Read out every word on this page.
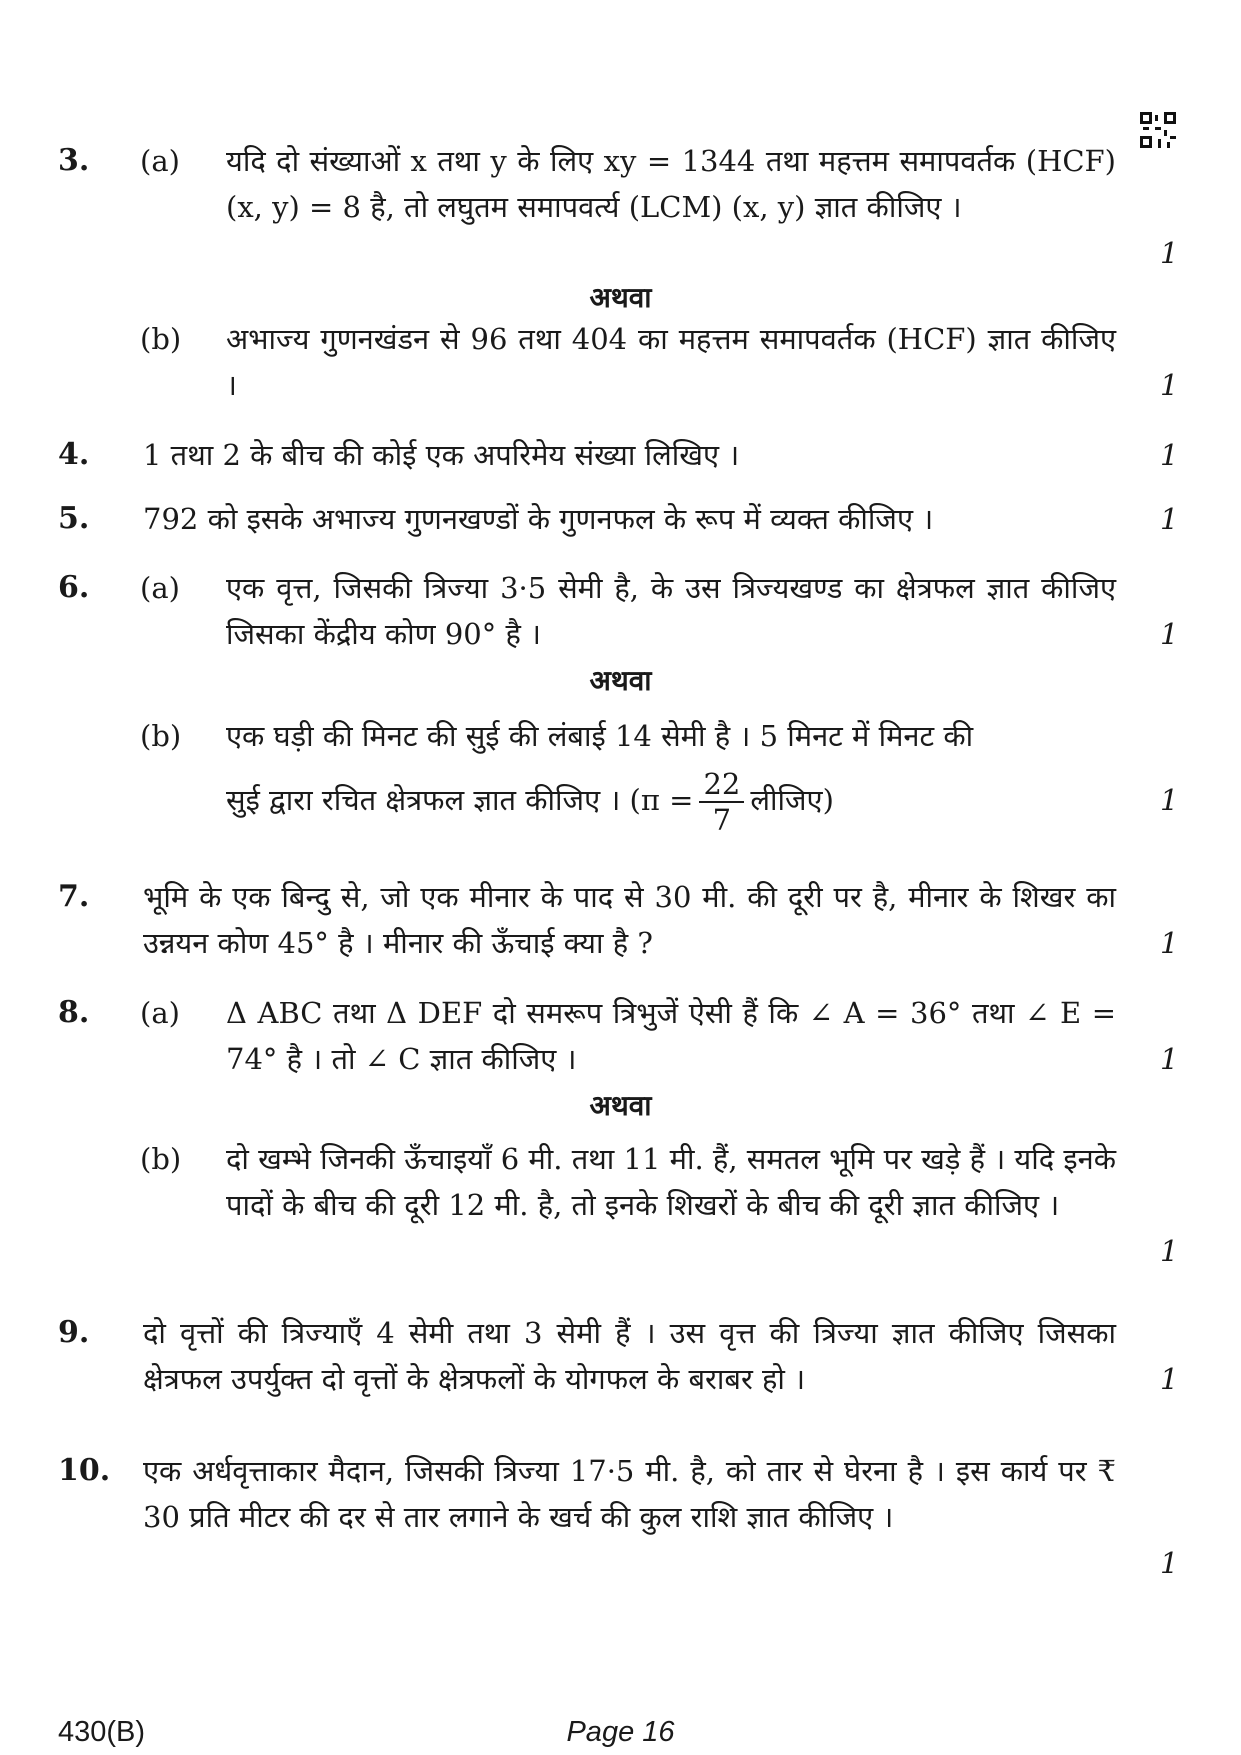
3. (a) यदि दो संख्याओं x तथा y के लिए xy = 1344 तथा महत्तम समापवर्तक (HCF) (x, y) = 8 है, तो लघुतम समापवर्त्य (LCM) (x, y) ज्ञात कीजिए ।
1
अथवा
(b) अभाज्य गुणनखंडन से 96 तथा 404 का महत्तम समापवर्तक (HCF) ज्ञात कीजिए ।	1
4. 1 तथा 2 के बीच की कोई एक अपरिमेय संख्या लिखिए ।	1
5. 792 को इसके अभाज्य गुणनखण्डों के गुणनफल के रूप में व्यक्त कीजिए ।	1
6. (a) एक वृत्त, जिसकी त्रिज्या 3·5 सेमी है, के उस त्रिज्यखण्ड का क्षेत्रफल ज्ञात कीजिए जिसका केंद्रीय कोण 90° है ।	1
अथवा
(b) एक घड़ी की मिनट की सुई की लंबाई 14 सेमी है । 5 मिनट में मिनट की
सुई द्वारा रचित क्षेत्रफल ज्ञात कीजिए । ($\pi = \frac{22}{7}$ लीजिए)	1
7. भूमि के एक बिन्दु से, जो एक मीनार के पाद से 30 मी. की दूरी पर है, मीनार के शिखर का उन्नयन कोण 45° है । मीनार की ऊँचाई क्या है ?	1
8. (a) Δ ABC तथा Δ DEF दो समरूप त्रिभुजें ऐसी हैं कि ∠ A = 36° तथा ∠ E = 74° है । तो ∠ C ज्ञात कीजिए ।	1
अथवा
(b) दो खम्भे जिनकी ऊँचाइयाँ 6 मी. तथा 11 मी. हैं, समतल भूमि पर खड़े हैं । यदि इनके पादों के बीच की दूरी 12 मी. है, तो इनके शिखरों के बीच की दूरी ज्ञात कीजिए ।
1
9. दो वृत्तों की त्रिज्याएँ 4 सेमी तथा 3 सेमी हैं । उस वृत्त की त्रिज्या ज्ञात कीजिए जिसका क्षेत्रफल उपर्युक्त दो वृत्तों के क्षेत्रफलों के योगफल के बराबर हो ।	1
10. एक अर्धवृत्ताकार मैदान, जिसकी त्रिज्या 17·5 मी. है, को तार से घेरना है । इस कार्य पर ₹ 30 प्रति मीटर की दर से तार लगाने के खर्च की कुल राशि ज्ञात कीजिए ।
1
430(B)	Page 16
